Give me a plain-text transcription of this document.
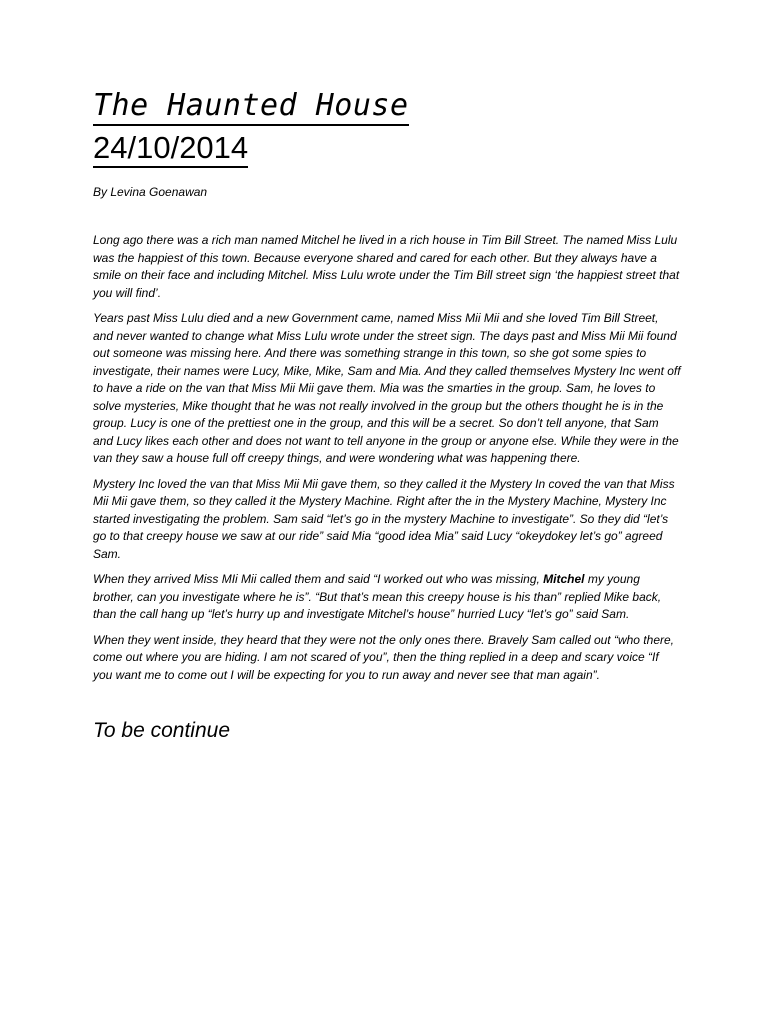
The Haunted House
24/10/2014

By Levina Goenawan

Long ago there was a rich man named Mitchel he lived in a rich house in Tim Bill Street. The named Miss Lulu was the happiest of this town. Because everyone shared and cared for each other. But they always have a smile on their face and including Mitchel. Miss Lulu wrote under the Tim Bill street sign ‘the happiest street that you will find’.

Years past Miss Lulu died and a new Government came, named Miss Mii Mii and she loved Tim Bill Street, and never wanted to change what Miss Lulu wrote under the street sign. The days past and Miss Mii Mii found out someone was missing here. And there was something strange in this town, so she got some spies to investigate, their names were Lucy, Mike, Mike, Sam and Mia. And they called themselves Mystery Inc went off to have a ride on the van that Miss Mii Mii gave them. Mia was the smarties in the group. Sam, he loves to solve mysteries, Mike thought that he was not really involved in the group but the others thought he is in the group. Lucy is one of the prettiest one in the group, and this will be a secret. So don’t tell anyone, that Sam and Lucy likes each other and does not want to tell anyone in the group or anyone else. While they were in the van they saw a house full off creepy things, and were wondering what was happening there.

Mystery Inc loved the van that Miss Mii Mii gave them, so they called it the Mystery In coved the van that Miss Mii Mii gave them, so they called it the Mystery Machine. Right after the in the Mystery Machine, Mystery Inc started investigating the problem. Sam said “let’s go in the mystery Machine to investigate”. So they did “let’s go to that creepy house we saw at our ride” said Mia “good idea Mia” said Lucy “okeydokey let’s go” agreed Sam.

When they arrived Miss MIi Mii called them and said “I worked out who was missing, Mitchel my young brother, can you investigate where he is”. “But that’s mean this creepy house is his than” replied Mike back, than the call hang up “let’s hurry up and investigate Mitchel’s house” hurried Lucy “let’s go” said Sam.

When they went inside, they heard that they were not the only ones there. Bravely Sam called out “who there, come out where you are hiding. I am not scared of you”, then the thing replied in a deep and scary voice “If you want me to come out I will be expecting for you to run away and never see that man again”.

To be continue
